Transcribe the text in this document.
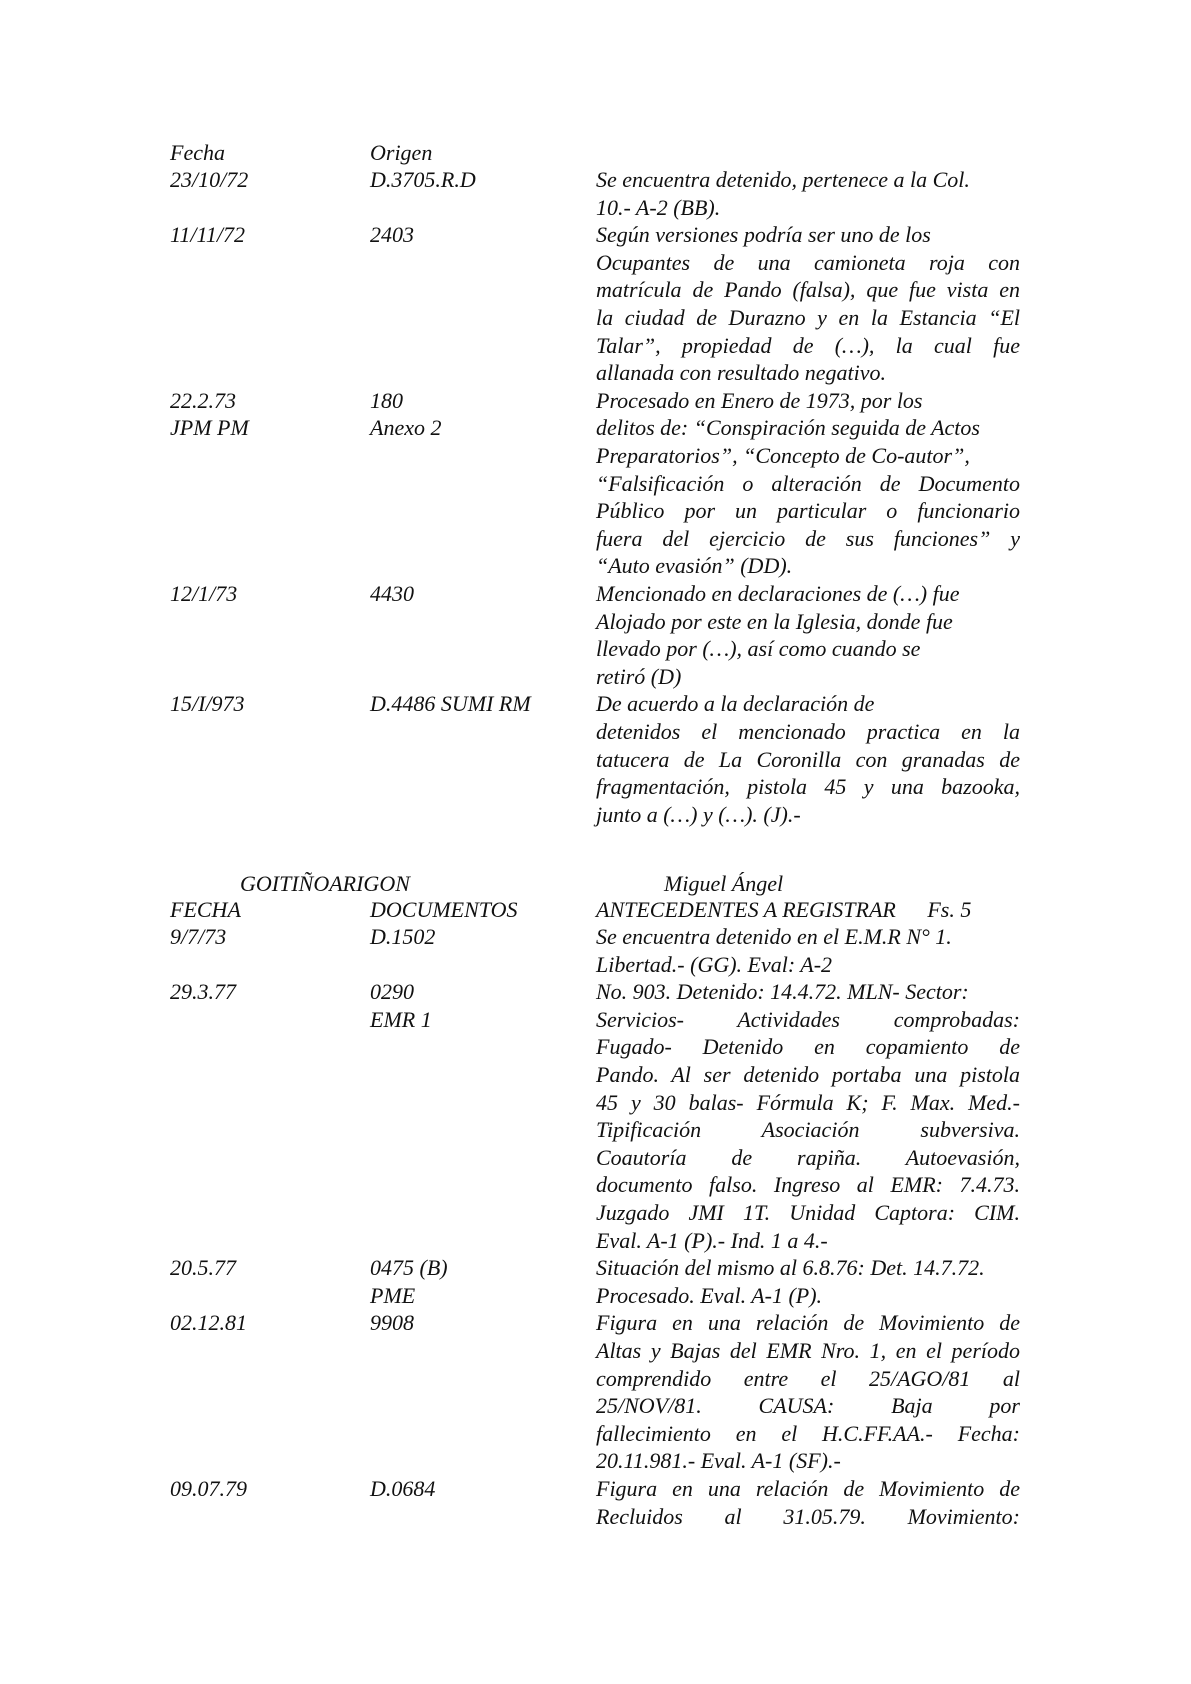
Fecha	Origen
23/10/72	D.3705.R.D	Se encuentra detenido, pertenece a la Col.
10.- A-2 (BB).
11/11/72	2403	Según versiones podría ser uno de los
Ocupantes de una camioneta roja con
matrícula de Pando (falsa), que fue vista en
la ciudad de Durazno y en la Estancia “El
Talar”, propiedad de (…), la cual fue
allanada con resultado negativo.
22.2.73	180	Procesado en Enero de 1973, por los
JPM PM	Anexo 2	delitos de: “Conspiración seguida de Actos
Preparatorios”, “Concepto de Co-autor”,
“Falsificación o alteración de Documento
Público por un particular o funcionario
fuera del ejercicio de sus funciones” y
“Auto evasión” (DD).
12/1/73	4430	Mencionado en declaraciones de (…) fue
Alojado por este en la Iglesia, donde fue
llevado por (…), así como cuando se
retiró (D)
15/I/973	D.4486 SUMI RM	De acuerdo a la declaración de
detenidos el mencionado practica en la
tatucera de La Coronilla con granadas de
fragmentación, pistola 45 y una bazooka,
junto a (…) y (…). (J).-
GOITIÑOARIGON	Miguel Ángel
FECHA	DOCUMENTOS	ANTECEDENTES A REGISTRAR Fs. 5
9/7/73	D.1502	Se encuentra detenido en el E.M.R N° 1.
Libertad.- (GG). Eval: A-2
29.3.77	0290	No. 903. Detenido: 14.4.72. MLN- Sector:
EMR 1	Servicios- Actividades comprobadas:
Fugado- Detenido en copamiento de
Pando. Al ser detenido portaba una pistola
45 y 30 balas- Fórmula K; F. Max. Med.-
Tipificación Asociación subversiva.
Coautoría de rapiña. Autoevasión,
documento falso. Ingreso al EMR: 7.4.73.
Juzgado JMI 1T. Unidad Captora: CIM.
Eval. A-1 (P).- Ind. 1 a 4.-
20.5.77	0475 (B)	Situación del mismo al 6.8.76: Det. 14.7.72.
PME	Procesado. Eval. A-1 (P).
02.12.81	9908	Figura en una relación de Movimiento de
Altas y Bajas del EMR Nro. 1, en el período
comprendido entre el 25/AGO/81 al
25/NOV/81. CAUSA: Baja por
fallecimiento en el H.C.FF.AA.- Fecha:
20.11.981.- Eval. A-1 (SF).-
09.07.79	D.0684	Figura en una relación de Movimiento de
Recluidos al 31.05.79. Movimiento:
